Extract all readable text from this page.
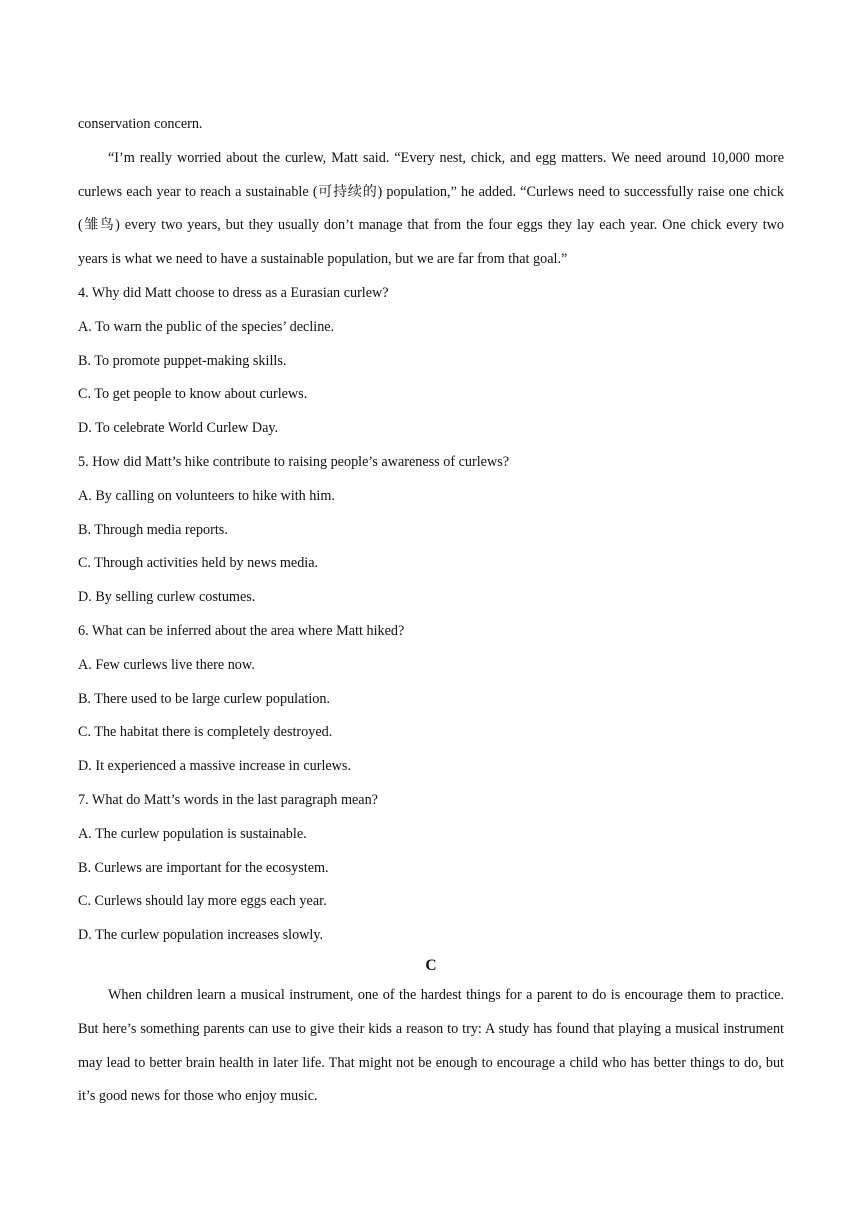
conservation concern.

“I’m really worried about the curlew, Matt said. “Every nest, chick, and egg matters. We need around 10,000 more curlews each year to reach a sustainable (可持续的) population,” he added. “Curlews need to successfully raise one chick (雏鸟) every two years, but they usually don’t manage that from the four eggs they lay each year. One chick every two years is what we need to have a sustainable population, but we are far from that goal.”

4. Why did Matt choose to dress as a Eurasian curlew?

A. To warn the public of the species’ decline.

B. To promote puppet-making skills.

C. To get people to know about curlews.

D. To celebrate World Curlew Day.

5. How did Matt’s hike contribute to raising people’s awareness of curlews?

A. By calling on volunteers to hike with him.

B. Through media reports.

C. Through activities held by news media.

D. By selling curlew costumes.

6. What can be inferred about the area where Matt hiked?

A. Few curlews live there now.

B. There used to be large curlew population.

C. The habitat there is completely destroyed.

D. It experienced a massive increase in curlews.

7. What do Matt’s words in the last paragraph mean?

A. The curlew population is sustainable.

B. Curlews are important for the ecosystem.

C. Curlews should lay more eggs each year.

D. The curlew population increases slowly.

C

When children learn a musical instrument, one of the hardest things for a parent to do is encourage them to practice. But here’s something parents can use to give their kids a reason to try: A study has found that playing a musical instrument may lead to better brain health in later life. That might not be enough to encourage a child who has better things to do, but it’s good news for those who enjoy music.
